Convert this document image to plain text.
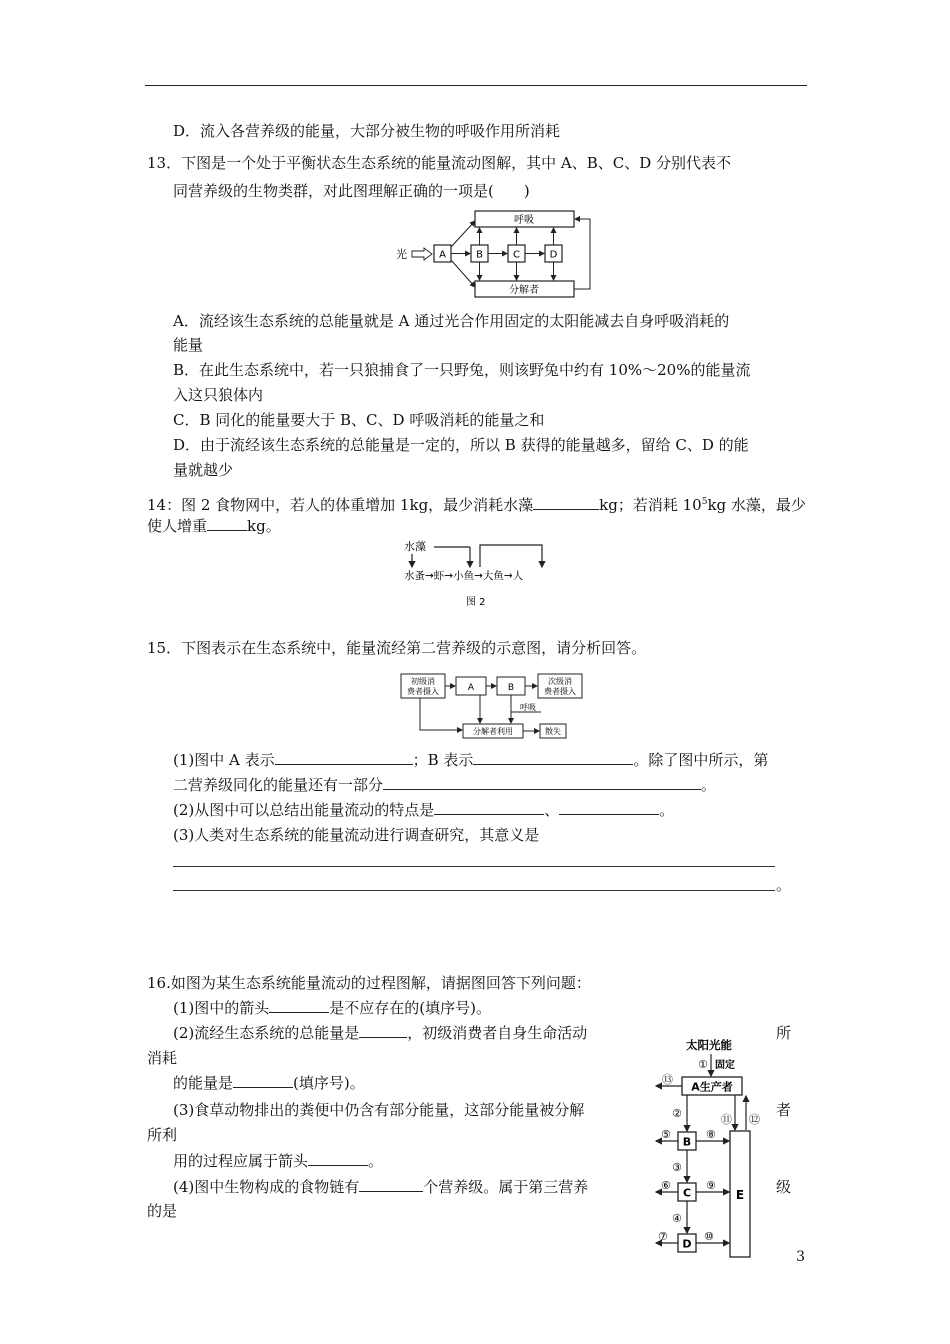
D．流入各营养级的能量，大部分被生物的呼吸作用所消耗
13．下图是一个处于平衡状态生态系统的能量流动图解，其中 A、B、C、D 分别代表不
同营养级的生物类群，对此图理解正确的一项是(　　)
呼吸
分解者
光	A	B	C	D
A．流经该生态系统的总能量就是 A 通过光合作用固定的太阳能减去自身呼吸消耗的
能量
B．在此生态系统中，若一只狼捕食了一只野兔，则该野兔中约有 10%～20%的能量流
入这只狼体内
C．B 同化的能量要大于 B、C、D 呼吸消耗的能量之和
D．由于流经该生态系统的总能量是一定的，所以 B 获得的能量越多，留给 C、D 的能
量就越少
14：图 2 食物网中，若人的体重增加 1kg，最少消耗水藻	kg；若消耗 $10^5kg$ 水藻，最少
使人增重	kg。
水藻
水蚤→虾→小鱼→大鱼→人
图 2
15．下图表示在生态系统中，能量流经第二营养级的示意图，请分析回答。
初级消
费者摄入	A	B
次级消
费者摄入
分解者利用
呼吸
散失
(1)图中 A 表示	；B 表示	。除了图中所示，第
二营养级同化的能量还有一部分	。
(2)从图中可以总结出能量流动的特点是	、	。
(3)人类对生态系统的能量流动进行调查研究，其意义是
。
16.如图为某生态系统能量流动的过程图解，请据图回答下列问题：
(1)图中的箭头	是不应存在的(填序号)。
(2)流经生态系统的总能量是	，初级消费者自身生命活动	所
消耗
的能量是	(填序号)。
(3)食草动物排出的粪便中仍含有部分能量，这部分能量被分解	者
所利
用的过程应属于箭头	。
(4)图中生物构成的食物链有	个营养级。属于第三营养	级
的是
太阳光能
① 固定
A生产者
⑬
②	⑪ ⑫
B
⑤	⑧
③
C
⑥	⑨
④
D
⑦	⑩
E
3
